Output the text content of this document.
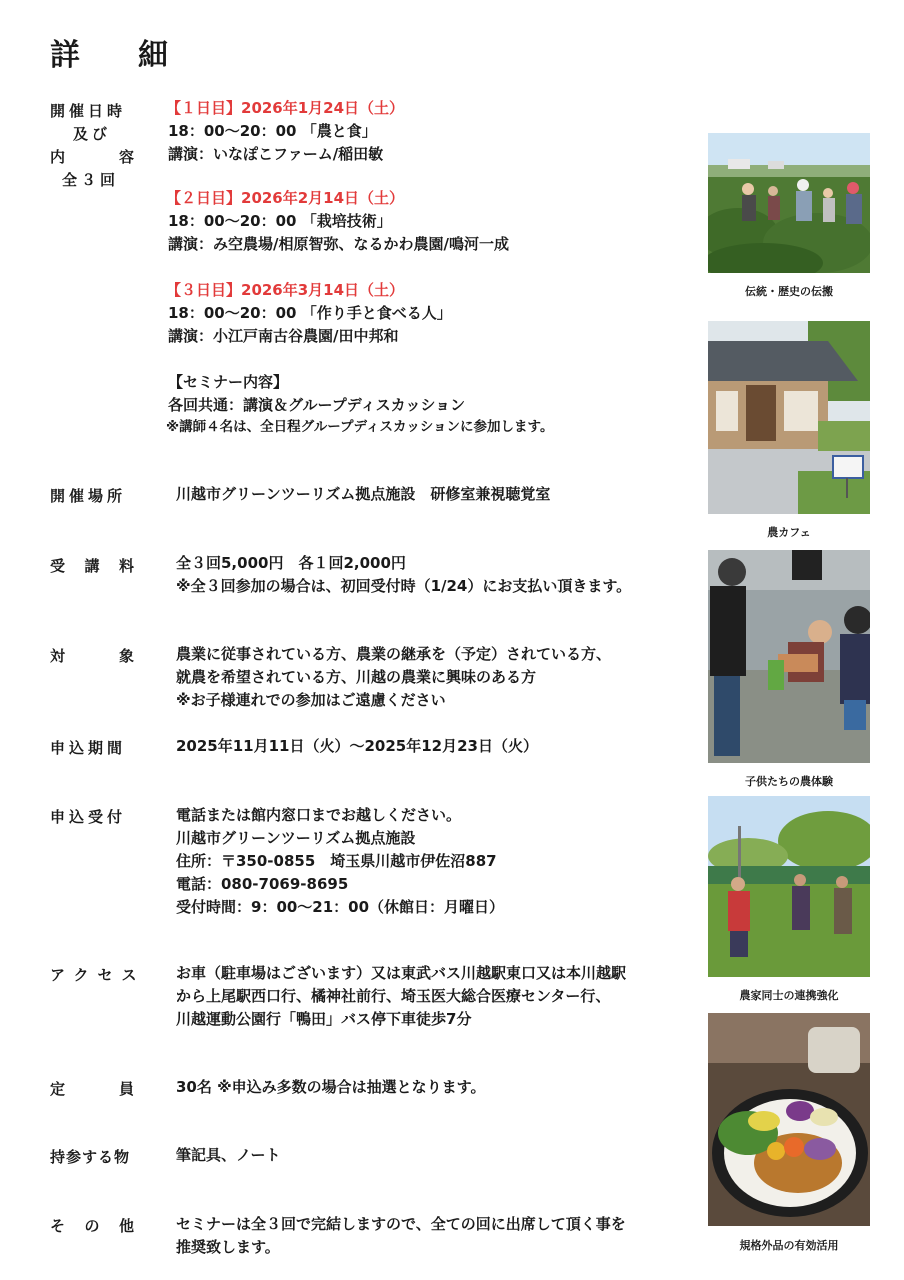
詳　細
開催日時
及び
内	容
全３回
【１日目】2026年1月24日（土）
18：00〜20：00 「農と食」
講演：いなぽこファーム/稲田敏
【２日目】2026年2月14日（土）
18：00〜20：00 「栽培技術」
講演：み空農場/相原智弥、なるかわ農園/鳴河一成
【３日目】2026年3月14日（土）
18：00〜20：00 「作り手と食べる人」
講演：小江戸南古谷農園/田中邦和
【セミナー内容】
各回共通：講演＆グループディスカッション
※講師４名は、全日程グループディスカッションに参加します。
開催場所	川越市グリーンツーリズム拠点施設　研修室兼視聴覚室
受 講 料	全３回5,000円　各１回2,000円
※全３回参加の場合は、初回受付時（1/24）にお支払い頂きます。
対	象	農業に従事されている方、農業の継承を（予定）されている方、
就農を希望されている方、川越の農業に興味のある方
※お子様連れでの参加はご遠慮ください
申込期間	2025年11月11日（火）〜2025年12月23日（火）
申込受付	電話または館内窓口までお越しください。
川越市グリーンツーリズム拠点施設
住所：〒350-0855　埼玉県川越市伊佐沼887
電話：080-7069-8695
受付時間：9：00〜21：00（休館日：月曜日）
アクセス お車（駐車場はございます）又は東武バス川越駅東口又は本川越駅
から上尾駅西口行、橘神社前行、埼玉医大総合医療センター行、
川越運動公園行「鴨田」バス停下車徒歩7分
定	員	30名 ※申込み多数の場合は抽選となります。
持参する物	筆記具、ノート
そ の 他	セミナーは全３回で完結しますので、全ての回に出席して頂く事を
推奨致します。
伝統・歴史の伝搬
農カフェ
子供たちの農体験
農家同士の連携強化
規格外品の有効活用
